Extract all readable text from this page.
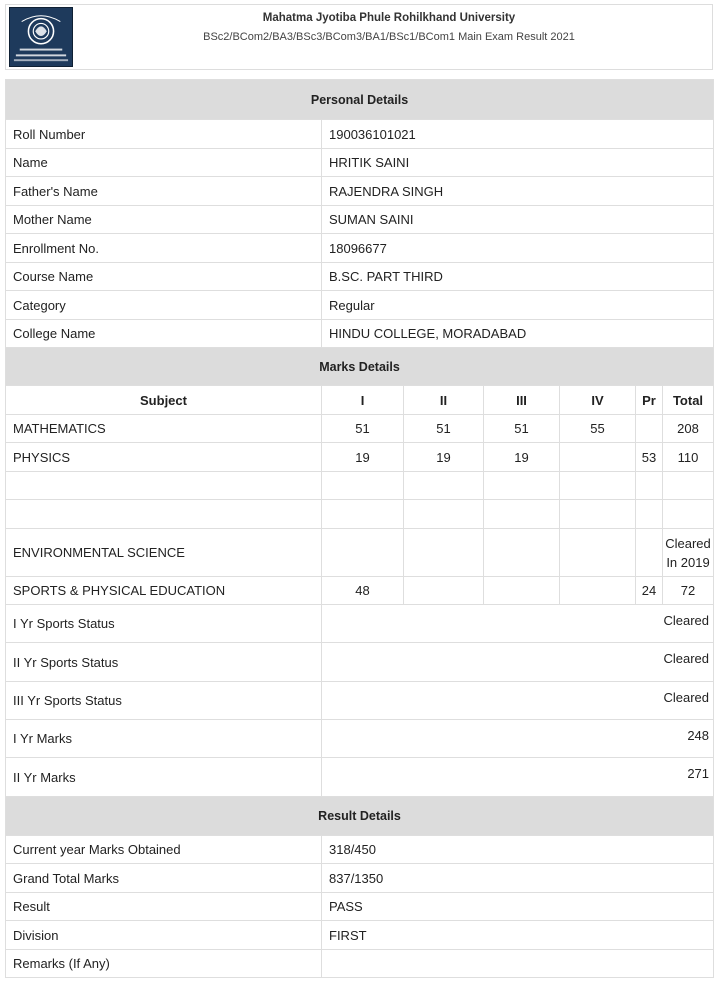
Mahatma Jyotiba Phule Rohilkhand University
BSc2/BCom2/BA3/BSc3/BCom3/BA1/BSc1/BCom1 Main Exam Result 2021
Personal Details	
Roll Number	190036101021
Name	HRITIK SAINI
Father's Name	RAJENDRA SINGH
Mother Name	SUMAN SAINI
Enrollment No.	18096677
Course Name	B.SC. PART THIRD
Category	Regular
College Name	HINDU COLLEGE, MORADABAD
Marks Details						
Subject	I	II	III	IV	Pr	Total
MATHEMATICS	51	51	51	55		208
PHYSICS	19	19	19		53	110

ENVIRONMENTAL SCIENCE						Cleared In 2019
SPORTS & PHYSICAL EDUCATION	48				24	72
I Yr Sports Status	Cleared					
II Yr Sports Status	Cleared					
III Yr Sports Status	Cleared					
I Yr Marks	248					
II Yr Marks	271					
Result Details	
Current year Marks Obtained	318/450
Grand Total Marks	837/1350
Result	PASS
Division	FIRST
Remarks (If Any)	
